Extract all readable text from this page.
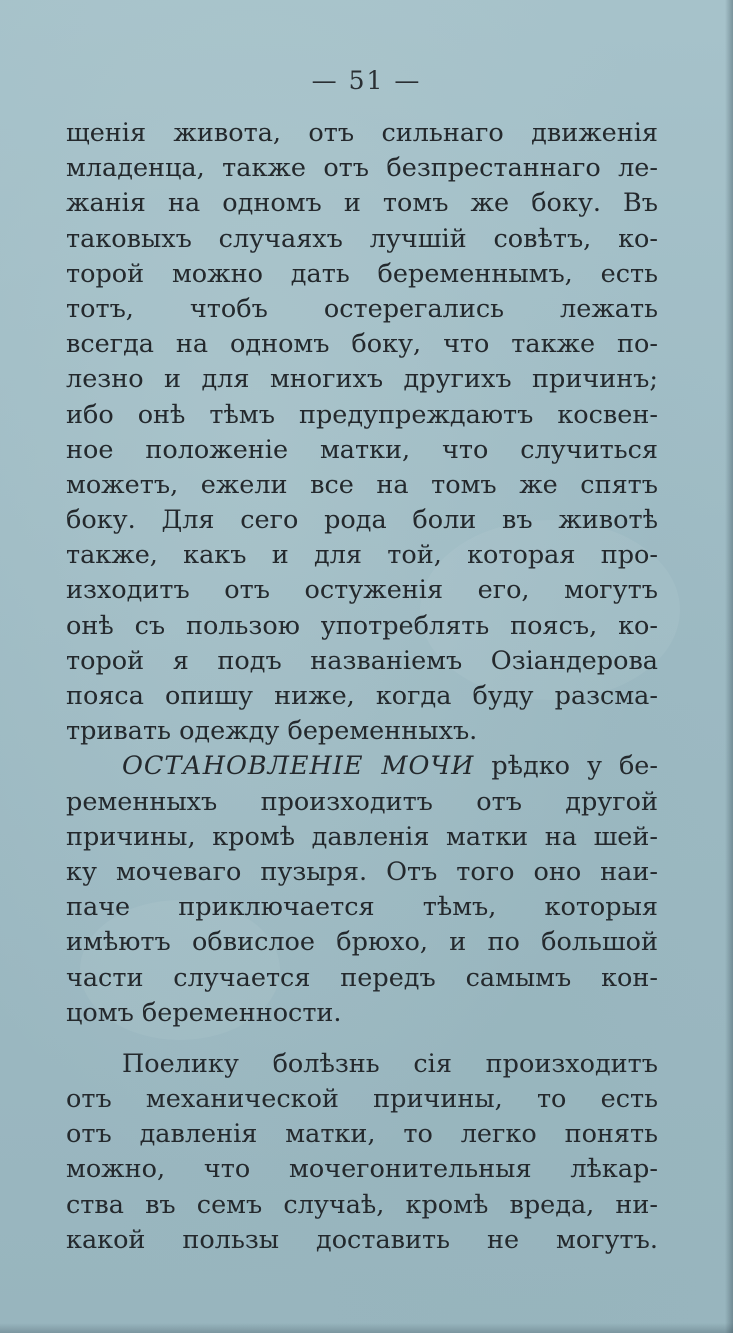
— 51 —
щенія живота, отъ сильнаго движенія
младенца, также отъ безпрестаннаго ле-
жанія на одномъ и томъ же боку. Въ
таковыхъ случаяхъ лучшій совѣтъ, ко-
торой можно дать беременнымъ, есть
тотъ, чтобъ остерегались лежать
всегда на одномъ боку, что также по-
лезно и для многихъ другихъ причинъ;
ибо онѣ тѣмъ предупреждаютъ косвен-
ное положеніе матки, что случиться
можетъ, ежели все на томъ же спятъ
боку. Для сего рода боли въ животѣ
также, какъ и для той, которая про-
изходитъ отъ остуженія его, могутъ
онѣ съ пользою употреблять поясъ, ко-
торой я подъ названіемъ Озіандерова
пояса опишу ниже, когда буду разсма-
тривать одежду беременныхъ.
ОСТАНОВЛЕНІЕ МОЧИ рѣдко у бе-
ременныхъ произходитъ отъ другой
причины, кромѣ давленія матки на шей-
ку мочеваго пузыря. Отъ того оно наи-
паче приключается тѣмъ, которыя
имѣютъ обвислое брюхо, и по большой
части случается передъ самымъ кон-
цомъ беременности.
Поелику болѣзнь сія произходитъ
отъ механической причины, то есть
отъ давленія матки, то легко понять
можно, что мочегонительныя лѣкар-
ства въ семъ случаѣ, кромѣ вреда, ни-
какой пользы доставить не могутъ.
